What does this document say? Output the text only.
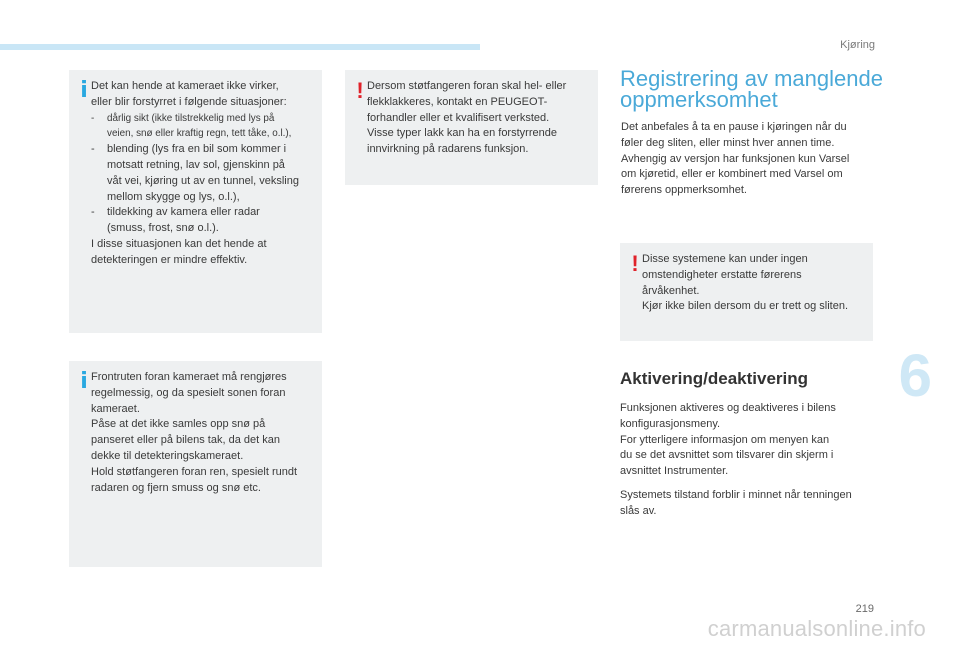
Kjøring
i Det kan hende at kameraet ikke virker,
eller blir forstyrret i følgende situasjoner:
-	dårlig sikt (ikke tilstrekkelig med lys på
veien, snø eller kraftig regn, tett tåke, o.l.),
-	blending (lys fra en bil som kommer i
motsatt retning, lav sol, gjenskinn på
våt vei, kjøring ut av en tunnel, veksling
mellom skygge og lys, o.l.),
-	tildekking av kamera eller radar
(smuss, frost, snø o.l.).
I disse situasjonen kan det hende at
detekteringen er mindre effektiv.
i Frontruten foran kameraet må rengjøres
regelmessig, og da spesielt sonen foran
kameraet.
Påse at det ikke samles opp snø på
panseret eller på bilens tak, da det kan
dekke til detekteringskameraet.
Hold støtfangeren foran ren, spesielt rundt
radaren og fjern smuss og snø etc.
! Dersom støtfangeren foran skal hel- eller
flekklakkeres, kontakt en PEUGEOT-
forhandler eller et kvalifisert verksted.
Visse typer lakk kan ha en forstyrrende
innvirkning på radarens funksjon.
Registrering av manglende
oppmerksomhet
Det anbefales å ta en pause i kjøringen når du
føler deg sliten, eller minst hver annen time.
Avhengig av versjon har funksjonen kun Varsel
om kjøretid, eller er kombinert med Varsel om
førerens oppmerksomhet.
! Disse systemene kan under ingen
omstendigheter erstatte førerens
årvåkenhet.
Kjør ikke bilen dersom du er trett og sliten.
Aktivering/deaktivering
Funksjonen aktiveres og deaktiveres i bilens
konfigurasjonsmeny.
For ytterligere informasjon om menyen kan
du se det avsnittet som tilsvarer din skjerm i
avsnittet Instrumenter.
Systemets tilstand forblir i minnet når tenningen
slås av.
6
219
carmanualsonline.info
